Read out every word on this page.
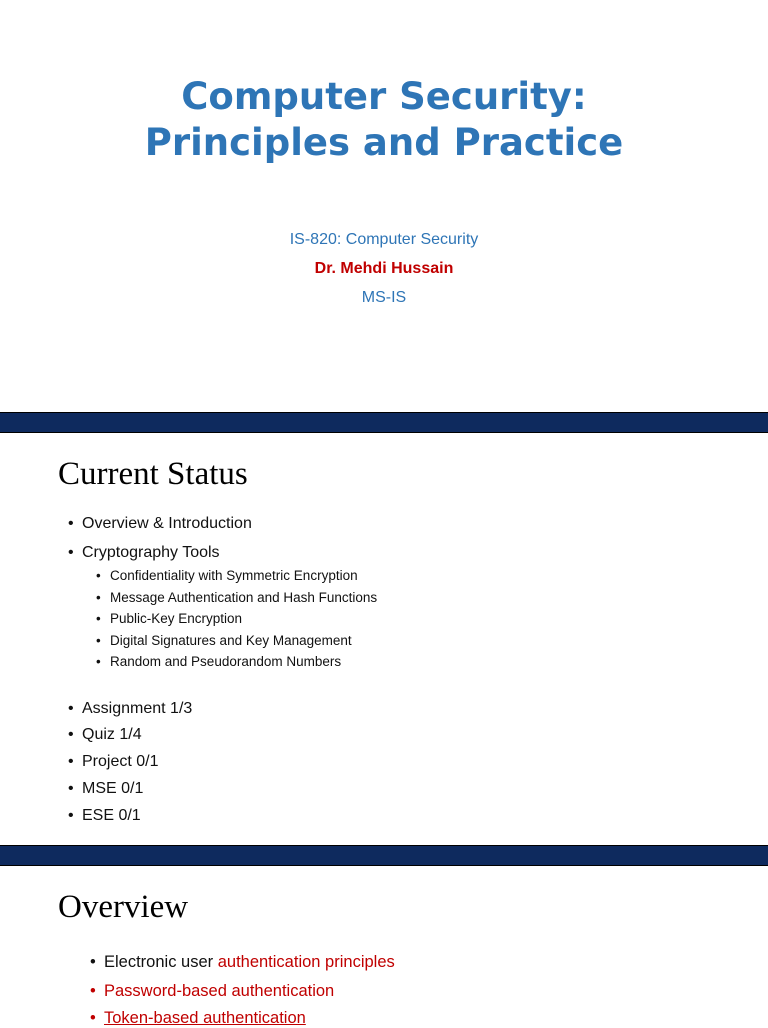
Computer Security:
Principles and Practice

IS-820: Computer Security

Dr. Mehdi Hussain

MS-IS

Current Status

• Overview & Introduction

• Cryptography Tools

• Confidentiality with Symmetric Encryption

• Message Authentication and Hash Functions

• Public-Key Encryption

• Digital Signatures and Key Management

• Random and Pseudorandom Numbers

• Assignment 1/3

• Quiz 1/4

• Project 0/1

• MSE 0/1

• ESE 0/1

Overview

• Electronic user authentication principles

• Password-based authentication

• Token-based authentication
